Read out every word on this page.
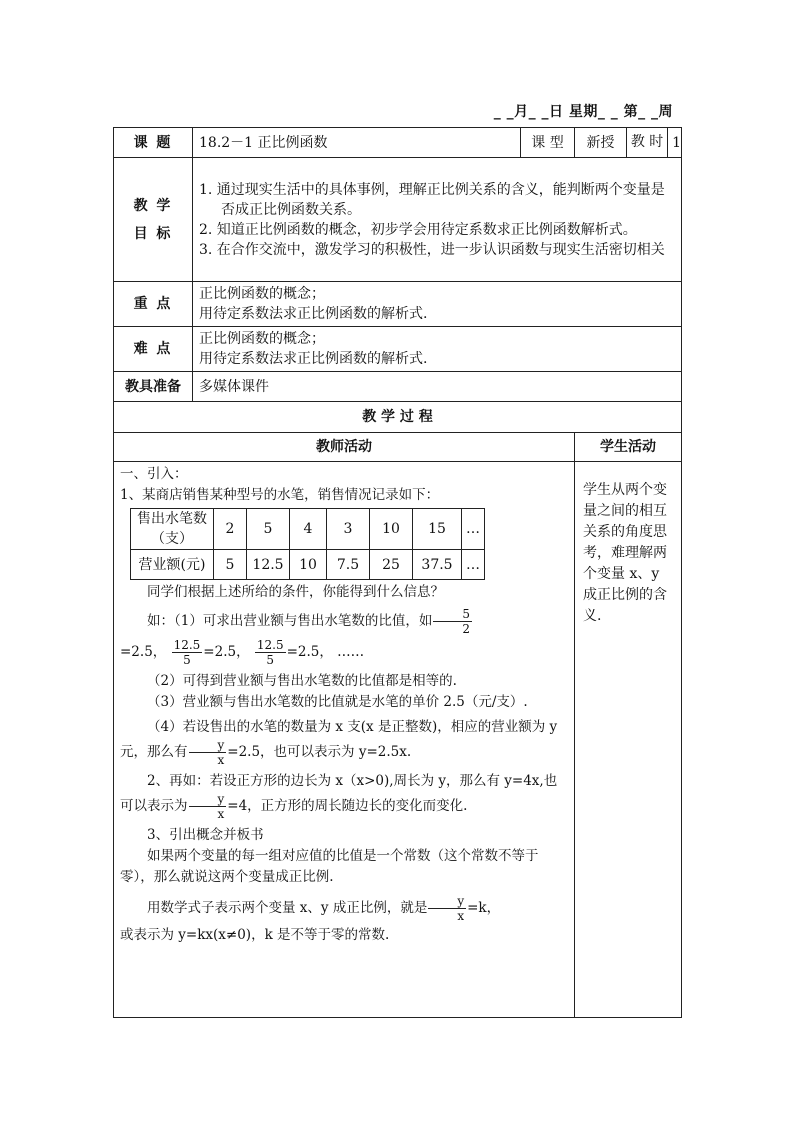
_ _月_ _日 星期_ _ 第_ _周
课 题	18.2－1 正比例函数	课 型	新授	教 时 1

教 学
目 标

1. 通过现实生活中的具体事例，理解正比例关系的含义，能判断两个变量是否成正比例函数关系。
2. 知道正比例函数的概念，初步学会用待定系数求正比例函数解析式。
3. 在合作交流中，激发学习的积极性，进一步认识函数与现实生活密切相关

重 点	
正比例函数的概念；
用待定系数法求正比例函数的解析式.

难 点	
正比例函数的概念；
用待定系数法求正比例函数的解析式.

教具准备	多媒体课件
教 学 过 程
教师活动	学生活动

一、引入：

1、某商店销售某种型号的水笔，销售情况记录如下：

售出水笔数（支）	2	5	4	3	10	15	…
营业额(元)	5	12.5	10	7.5	25	37.5	…

同学们根据上述所给的条件，你能得到什么信息？

如：（1）可求出营业额与售出水笔数的比值，如 $\frac{5}{2}$

=2.5， $\frac{12.5}{5} =2.5$， $\frac{12.5}{5} =2.5$， ……

（2）可得到营业额与售出水笔数的比值都是相等的.

（3）营业额与售出水笔数的比值就是水笔的单价 2.5（元/支）.

（4）若设售出的水笔的数量为 x 支(x 是正整数)，相应的营业额为 y 元，那么有 $\frac{y}{x} =2.5$，也可以表示为 y=2.5x.

2、再如：若设正方形的边长为 x（x>0),周长为 y，那么有 y=4x,也可以表示为 $\frac{y}{x} =4$，正方形的周长随边长的变化而变化.

3、引出概念并板书

如果两个变量的每一组对应值的比值是一个常数（这个常数不等于零），那么就说这两个变量成正比例.

用数学式子表示两个变量 x、y 成正比例，就是 $\frac{y}{x} =k$，

或表示为 y=kx(x≠0)，k 是不等于零的常数.

学生从两个变量之间的相互关系的角度思考，难理解两个变量 x、y 成正比例的含义.
